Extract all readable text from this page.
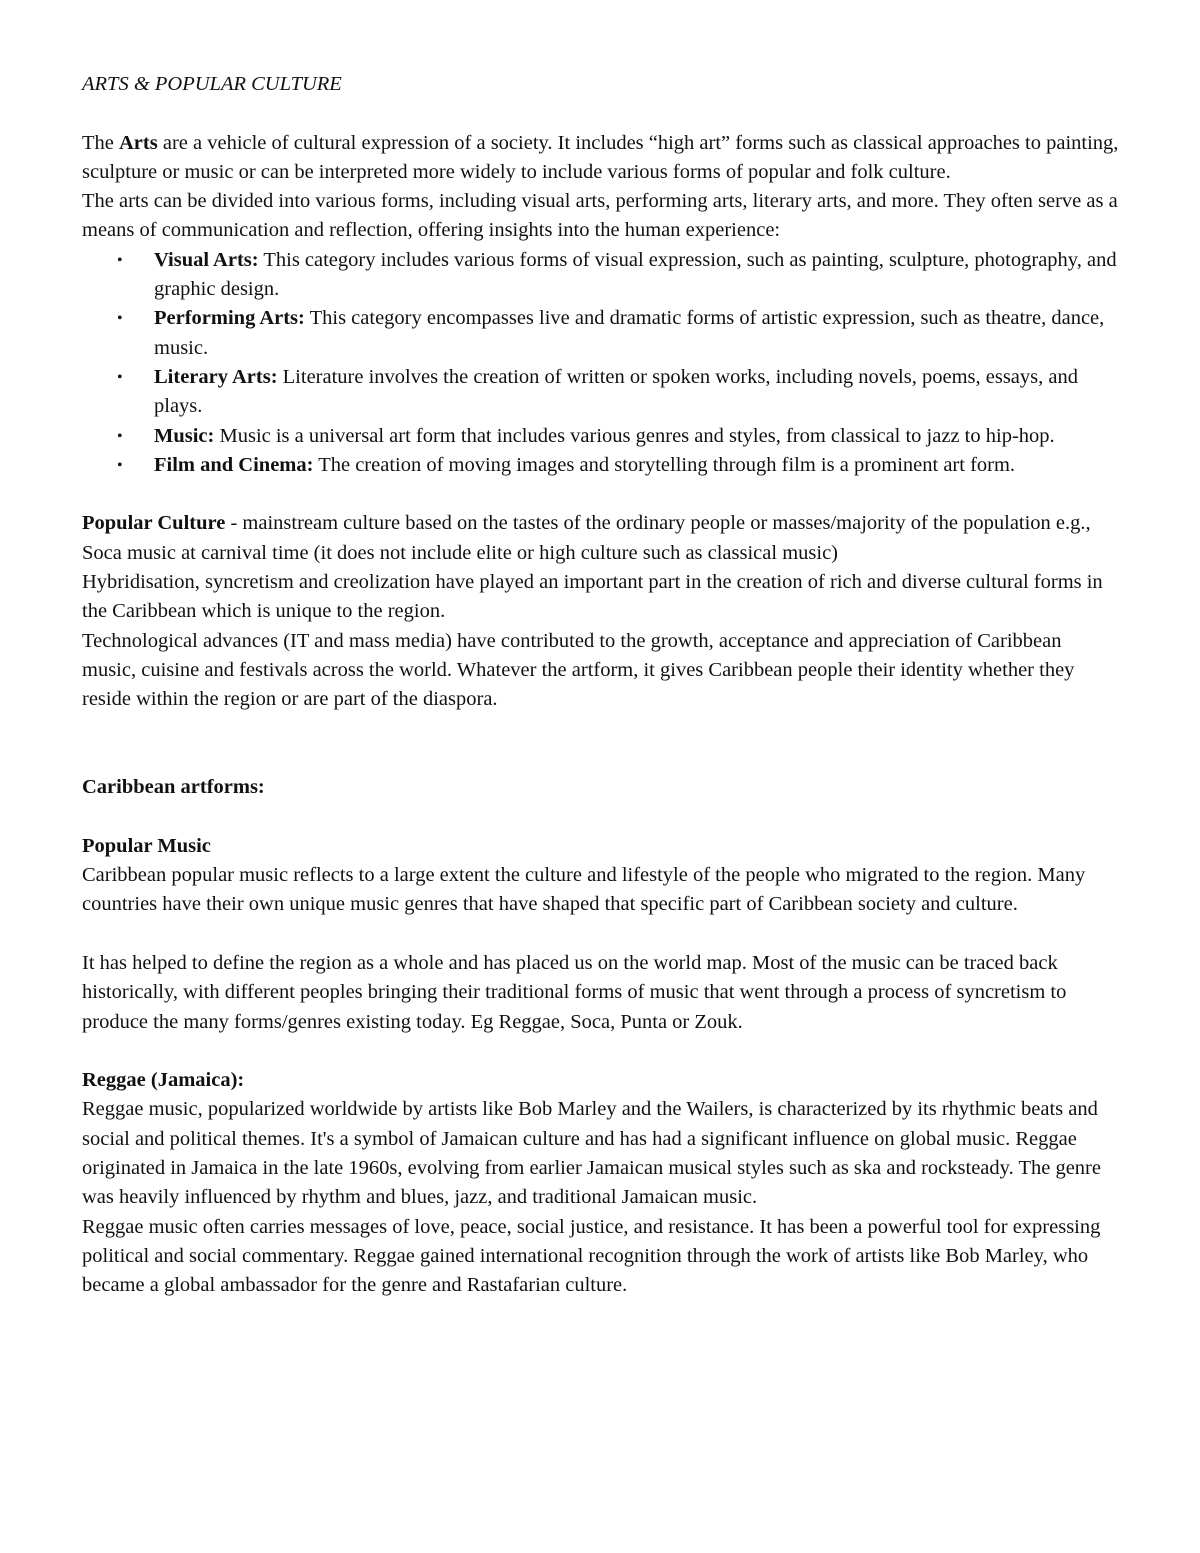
ARTS & POPULAR CULTURE

The Arts are a vehicle of cultural expression of a society. It includes “high art” forms such as classical approaches to painting, sculpture or music or can be interpreted more widely to include various forms of popular and folk culture.

The arts can be divided into various forms, including visual arts, performing arts, literary arts, and more. They often serve as a means of communication and reflection, offering insights into the human experience:

• Visual Arts: This category includes various forms of visual expression, such as painting, sculpture, photography, and graphic design.
• Performing Arts: This category encompasses live and dramatic forms of artistic expression, such as theatre, dance, music.
• Literary Arts: Literature involves the creation of written or spoken works, including novels, poems, essays, and plays.
• Music: Music is a universal art form that includes various genres and styles, from classical to jazz to hip-hop.
• Film and Cinema: The creation of moving images and storytelling through film is a prominent art form.

Popular Culture - mainstream culture based on the tastes of the ordinary people or masses/majority of the population e.g., Soca music at carnival time (it does not include elite or high culture such as classical music)

Hybridisation, syncretism and creolization have played an important part in the creation of rich and diverse cultural forms in the Caribbean which is unique to the region.

Technological advances (IT and mass media) have contributed to the growth, acceptance and appreciation of Caribbean music, cuisine and festivals across the world. Whatever the artform, it gives Caribbean people their identity whether they reside within the region or are part of the diaspora.

Caribbean artforms:

Popular Music

Caribbean popular music reflects to a large extent the culture and lifestyle of the people who migrated to the region. Many countries have their own unique music genres that have shaped that specific part of Caribbean society and culture.

It has helped to define the region as a whole and has placed us on the world map. Most of the music can be traced back historically, with different peoples bringing their traditional forms of music that went through a process of syncretism to produce the many forms/genres existing today. Eg Reggae, Soca, Punta or Zouk.

Reggae (Jamaica):

Reggae music, popularized worldwide by artists like Bob Marley and the Wailers, is characterized by its rhythmic beats and social and political themes. It's a symbol of Jamaican culture and has had a significant influence on global music. Reggae originated in Jamaica in the late 1960s, evolving from earlier Jamaican musical styles such as ska and rocksteady. The genre was heavily influenced by rhythm and blues, jazz, and traditional Jamaican music.

Reggae music often carries messages of love, peace, social justice, and resistance. It has been a powerful tool for expressing political and social commentary. Reggae gained international recognition through the work of artists like Bob Marley, who became a global ambassador for the genre and Rastafarian culture.
